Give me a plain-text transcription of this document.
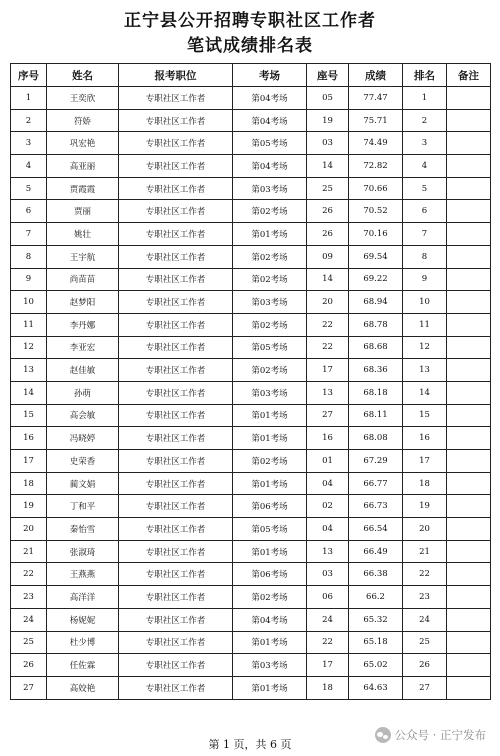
正宁县公开招聘专职社区工作者
笔试成绩排名表
序号	姓名	报考职位	考场	座号	成绩	排名	备注
1	王奕欣	专职社区工作者	第04考场	05	77.47	1	
2	符娇	专职社区工作者	第04考场	19	75.71	2	
3	巩宏艳	专职社区工作者	第05考场	03	74.49	3	
4	高亚丽	专职社区工作者	第04考场	14	72.82	4	
5	贾霞霞	专职社区工作者	第03考场	25	70.66	5	
6	贾丽	专职社区工作者	第02考场	26	70.52	6	
7	姚壮	专职社区工作者	第01考场	26	70.16	7	
8	王宇航	专职社区工作者	第02考场	09	69.54	8	
9	尚苗苗	专职社区工作者	第02考场	14	69.22	9	
10	赵梦阳	专职社区工作者	第03考场	20	68.94	10	
11	李丹娜	专职社区工作者	第02考场	22	68.78	11	
12	李亚宏	专职社区工作者	第05考场	22	68.68	12	
13	赵佳敏	专职社区工作者	第02考场	17	68.36	13	
14	孙萌	专职社区工作者	第03考场	13	68.18	14	
15	高会敏	专职社区工作者	第01考场	27	68.11	15	
16	冯晓婷	专职社区工作者	第01考场	16	68.08	16	
17	史荣香	专职社区工作者	第02考场	01	67.29	17	
18	蔺文娟	专职社区工作者	第01考场	04	66.77	18	
19	丁和平	专职社区工作者	第06考场	02	66.73	19	
20	秦怡雪	专职社区工作者	第05考场	04	66.54	20	
21	张淑琦	专职社区工作者	第01考场	13	66.49	21	
22	王燕燕	专职社区工作者	第06考场	03	66.38	22	
23	高洋洋	专职社区工作者	第02考场	06	66.2	23	
24	杨妮妮	专职社区工作者	第04考场	24	65.32	24	
25	杜少博	专职社区工作者	第01考场	22	65.18	25	
26	任佐霖	专职社区工作者	第03考场	17	65.02	26	
27	高姣艳	专职社区工作者	第01考场	18	64.63	27	
第 1 页，共 6 页
公众号 · 正宁发布
